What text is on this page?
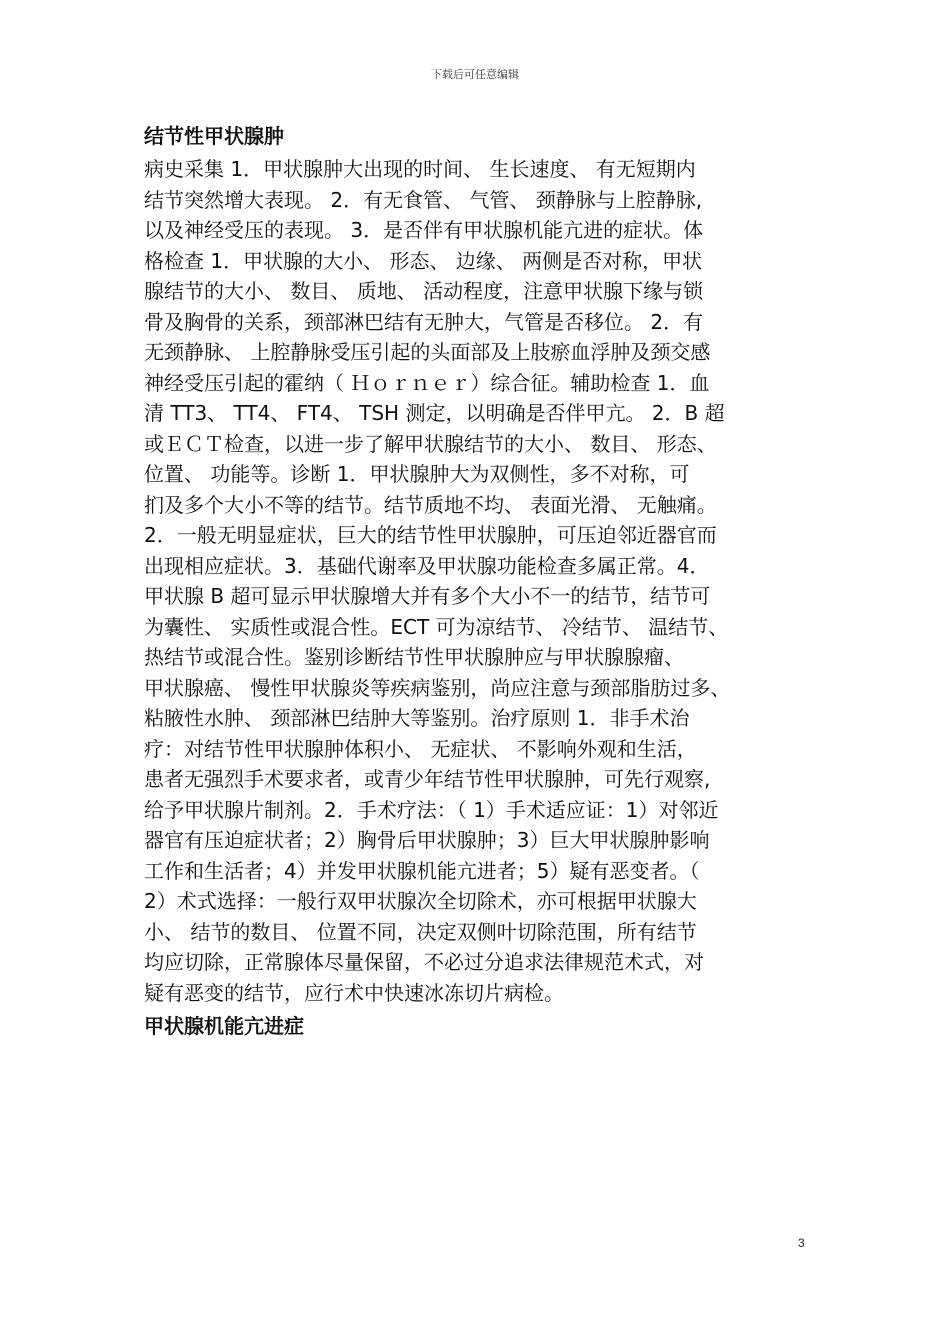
下载后可任意编辑
结节性甲状腺肿
病史采集 1．甲状腺肿大出现的时间、 生长速度、 有无短期内
结节突然增大表现。 2．有无食管、 气管、 颈静脉与上腔静脉,
以及神经受压的表现。 3．是否伴有甲状腺机能亢进的症状。体
格检查 1．甲状腺的大小、 形态、 边缘、 两侧是否对称，甲状
腺结节的大小、 数目、 质地、 活动程度，注意甲状腺下缘与锁
骨及胸骨的关系，颈部淋巴结有无肿大，气管是否移位。 2．有
无颈静脉、 上腔静脉受压引起的头面部及上肢瘀血浮肿及颈交感
神经受压引起的霍纳（ Ｈｏｒｎｅｒ）综合征。辅助检查 1．血
清 TT3、 TT4、 FT4、 TSH 测定，以明确是否伴甲亢。 2．B 超
或ＥＣＴ检查，以进一步了解甲状腺结节的大小、 数目、 形态、
位置、 功能等。诊断 1．甲状腺肿大为双侧性，多不对称，可
扪及多个大小不等的结节。结节质地不均、 表面光滑、 无触痛。
2．一般无明显症状，巨大的结节性甲状腺肿，可压迫邻近器官而
出现相应症状。3．基础代谢率及甲状腺功能检查多属正常。4．
甲状腺 B 超可显示甲状腺增大并有多个大小不一的结节，结节可
为囊性、 实质性或混合性。ECT 可为凉结节、 冷结节、 温结节、
热结节或混合性。鉴别诊断结节性甲状腺肿应与甲状腺腺瘤、
甲状腺癌、 慢性甲状腺炎等疾病鉴别，尚应注意与颈部脂肪过多、
粘腋性水肿、 颈部淋巴结肿大等鉴别。治疗原则 1．非手术治
疗：对结节性甲状腺肿体积小、 无症状、 不影响外观和生活，
患者无强烈手术要求者，或青少年结节性甲状腺肿，可先行观察,
给予甲状腺片制剂。2．手术疗法：（ 1）手术适应证：1）对邻近
器官有压迫症状者；2）胸骨后甲状腺肿；3）巨大甲状腺肿影响
工作和生活者；4）并发甲状腺机能亢进者；5）疑有恶变者。（
2）术式选择：一般行双甲状腺次全切除术，亦可根据甲状腺大
小、 结节的数目、 位置不同，决定双侧叶切除范围，所有结节
均应切除，正常腺体尽量保留，不必过分追求法律规范术式，对
疑有恶变的结节，应行术中快速冰冻切片病检。
甲状腺机能亢进症
3
